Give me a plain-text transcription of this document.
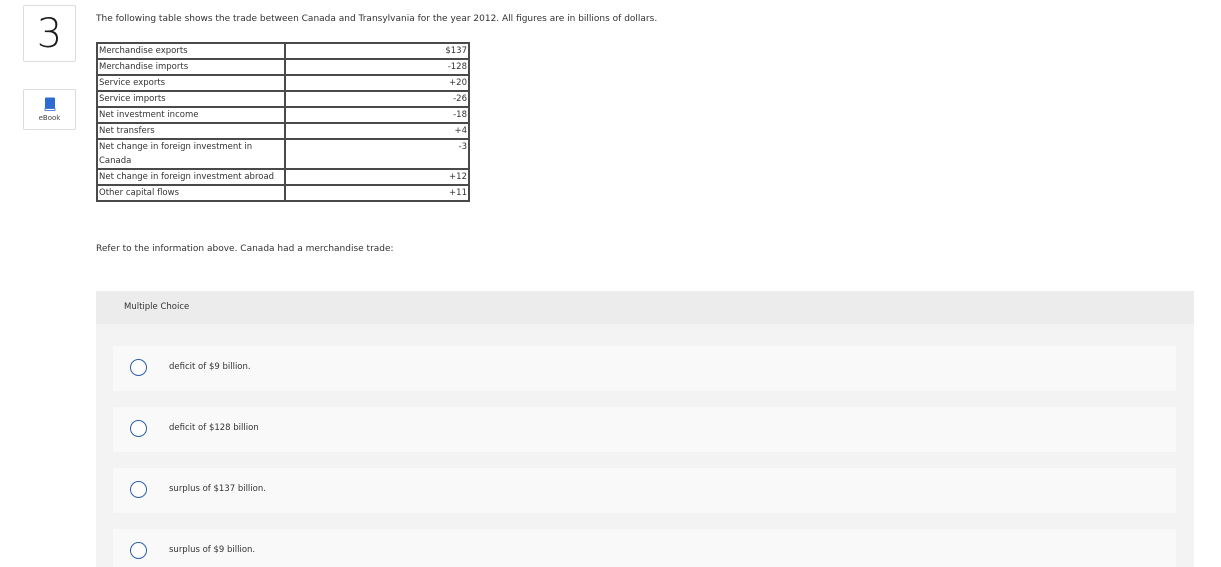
3
eBook
The following table shows the trade between Canada and Transylvania for the year 2012. All figures are in billions of dollars.
Merchandise exports	$137
Merchandise imports	-128
Service exports	+20
Service imports	-26
Net investment income	-18
Net transfers	+4
Net change in foreign investment in Canada	-3
Net change in foreign investment abroad	+12
Other capital flows	+11
Refer to the information above. Canada had a merchandise trade:
Multiple Choice
deficit of $9 billion.
deficit of $128 billion
surplus of $137 billion.
surplus of $9 billion.
